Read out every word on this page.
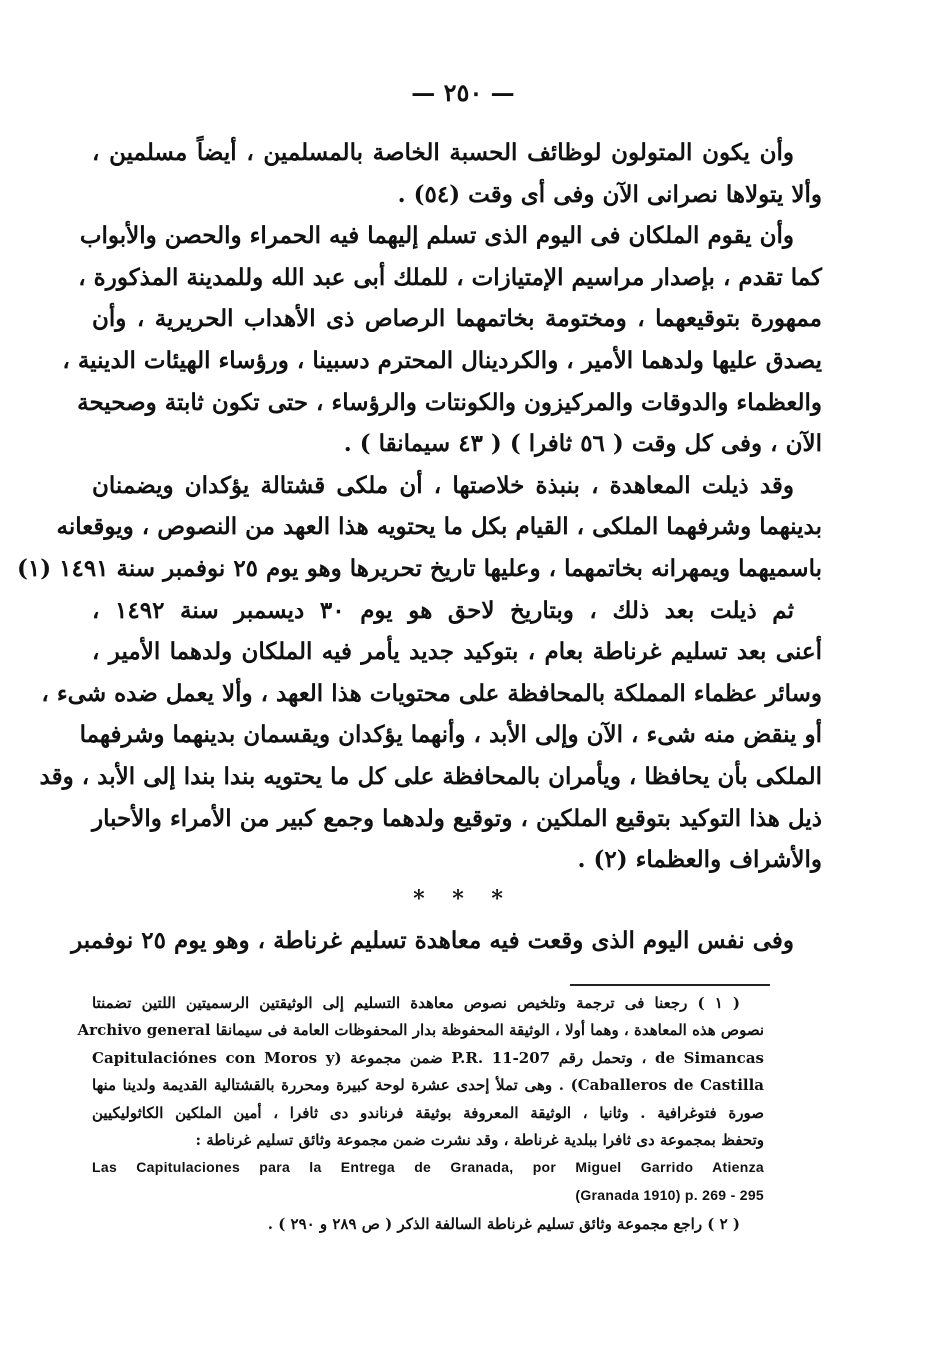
— ٢٥٠ —
وأن يكون المتولون لوظائف الحسبة الخاصة بالمسلمين ، أيضاً مسلمين ،
وألا يتولاها نصرانى الآن وفى أى وقت (٥٤) .
وأن يقوم الملكان فى اليوم الذى تسلم إليهما فيه الحمراء والحصن والأبواب
كما تقدم ، بإصدار مراسيم الإمتيازات ، للملك أبى عبد الله وللمدينة المذكورة ،
ممهورة بتوقيعهما ، ومختومة بخاتمهما الرصاص ذى الأهداب الحريرية ، وأن
يصدق عليها ولدهما الأمير ، والكردينال المحترم دسبينا ، ورؤساء الهيئات الدينية ،
والعظماء والدوقات والمركيزون والكونتات والرؤساء ، حتى تكون ثابتة وصحيحة
الآن ، وفى كل وقت ( ٥٦ ثافرا ) ( ٤٣ سيمانقا ) .
وقد ذيلت المعاهدة ، بنبذة خلاصتها ، أن ملكى قشتالة يؤكدان ويضمنان
بدينهما وشرفهما الملكى ، القيام بكل ما يحتويه هذا العهد من النصوص ، ويوقعانه
باسميهما ويمهرانه بخاتمهما ، وعليها تاريخ تحريرها وهو يوم ٢٥ نوفمبر سنة ١٤٩١ (١)
ثم ذيلت بعد ذلك ، وبتاريخ لاحق هو يوم ٣٠ ديسمبر سنة ١٤٩٢ ،
أعنى بعد تسليم غرناطة بعام ، بتوكيد جديد يأمر فيه الملكان ولدهما الأمير ،
وسائر عظماء المملكة بالمحافظة على محتويات هذا العهد ، وألا يعمل ضده شىء ،
أو ينقض منه شىء ، الآن وإلى الأبد ، وأنهما يؤكدان ويقسمان بدينهما وشرفهما
الملكى بأن يحافظا ، ويأمران بالمحافظة على كل ما يحتويه بندا بندا إلى الأبد ، وقد
ذيل هذا التوكيد بتوقيع الملكين ، وتوقيع ولدهما وجمع كبير من الأمراء والأحبار
والأشراف والعظماء (٢) .
* * *
وفى نفس اليوم الذى وقعت فيه معاهدة تسليم غرناطة ، وهو يوم ٢٥ نوفمبر
( ١ ) رجعنا فى ترجمة وتلخيص نصوص معاهدة التسليم إلى الوثيقتين الرسميتين اللتين تضمنتا
نصوص هذه المعاهدة ، وهما أولا ، الوثيقة المحفوظة بدار المحفوظات العامة فى سيمانقا Archivo general
de Simancas ، وتحمل رقم P.R. 11-207 ضمن مجموعة (Capitulaciónes con Moros y
Caballeros de Castilla) . وهى تملأ إحدى عشرة لوحة كبيرة ومحررة بالقشتالية القديمة ولدينا منها
صورة فتوغرافية . وثانيا ، الوثيقة المعروفة بوثيقة فرناندو دى ثافرا ، أمين الملكين الكاثوليكيين
وتحفظ بمجموعة دى ثافرا ببلدية غرناطة ، وقد نشرت ضمن مجموعة وثائق تسليم غرناطة :
Las Capitulaciones para la Entrega de Granada, por Miguel Garrido Atienza
(Granada 1910) p. 269 - 295
( ٢ ) راجع مجموعة وثائق تسليم غرناطة السالفة الذكر ( ص ٢٨٩ و ٢٩٠ ) .
